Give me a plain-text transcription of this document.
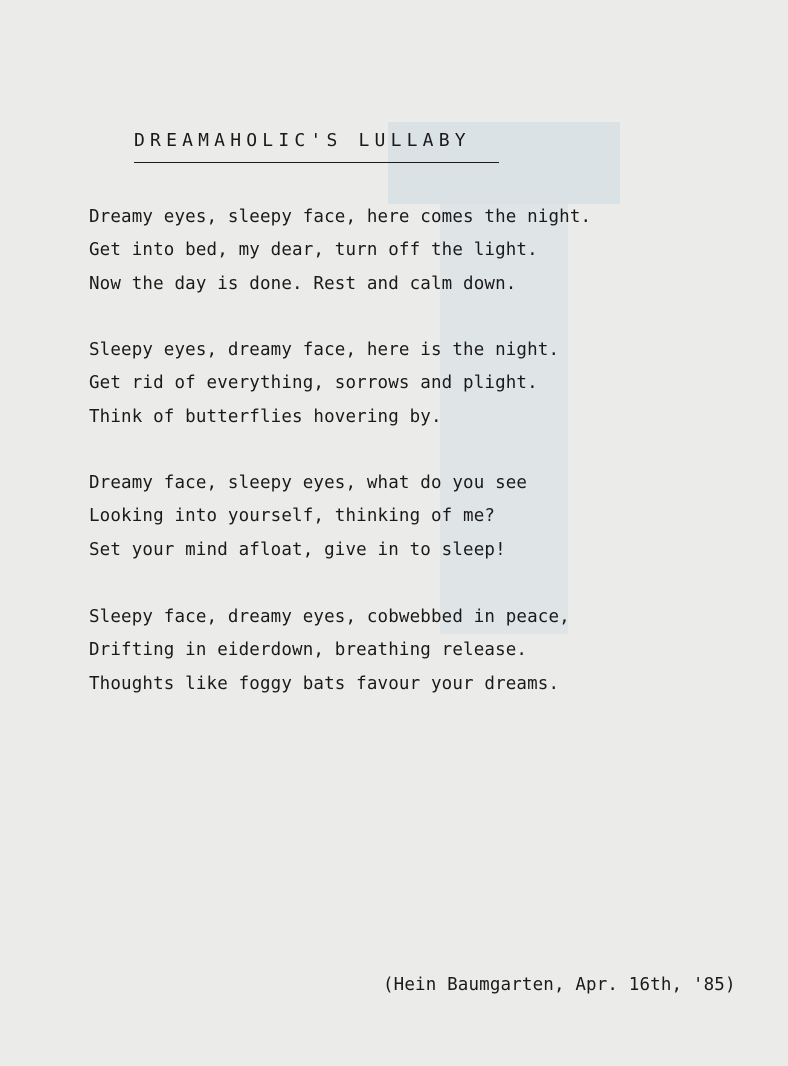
DREAMAHOLIC'S LULLABY
Dreamy eyes, sleepy face, here comes the night.
Get into bed, my dear, turn off the light.
Now the day is done. Rest and calm down.
Sleepy eyes, dreamy face, here is the night.
Get rid of everything, sorrows and plight.
Think of butterflies hovering by.
Dreamy face, sleepy eyes, what do you see
Looking into yourself, thinking of me?
Set your mind afloat, give in to sleep!
Sleepy face, dreamy eyes, cobwebbed in peace,
Drifting in eiderdown, breathing release.
Thoughts like foggy bats favour your dreams.
(Hein Baumgarten, Apr. 16th, '85)
